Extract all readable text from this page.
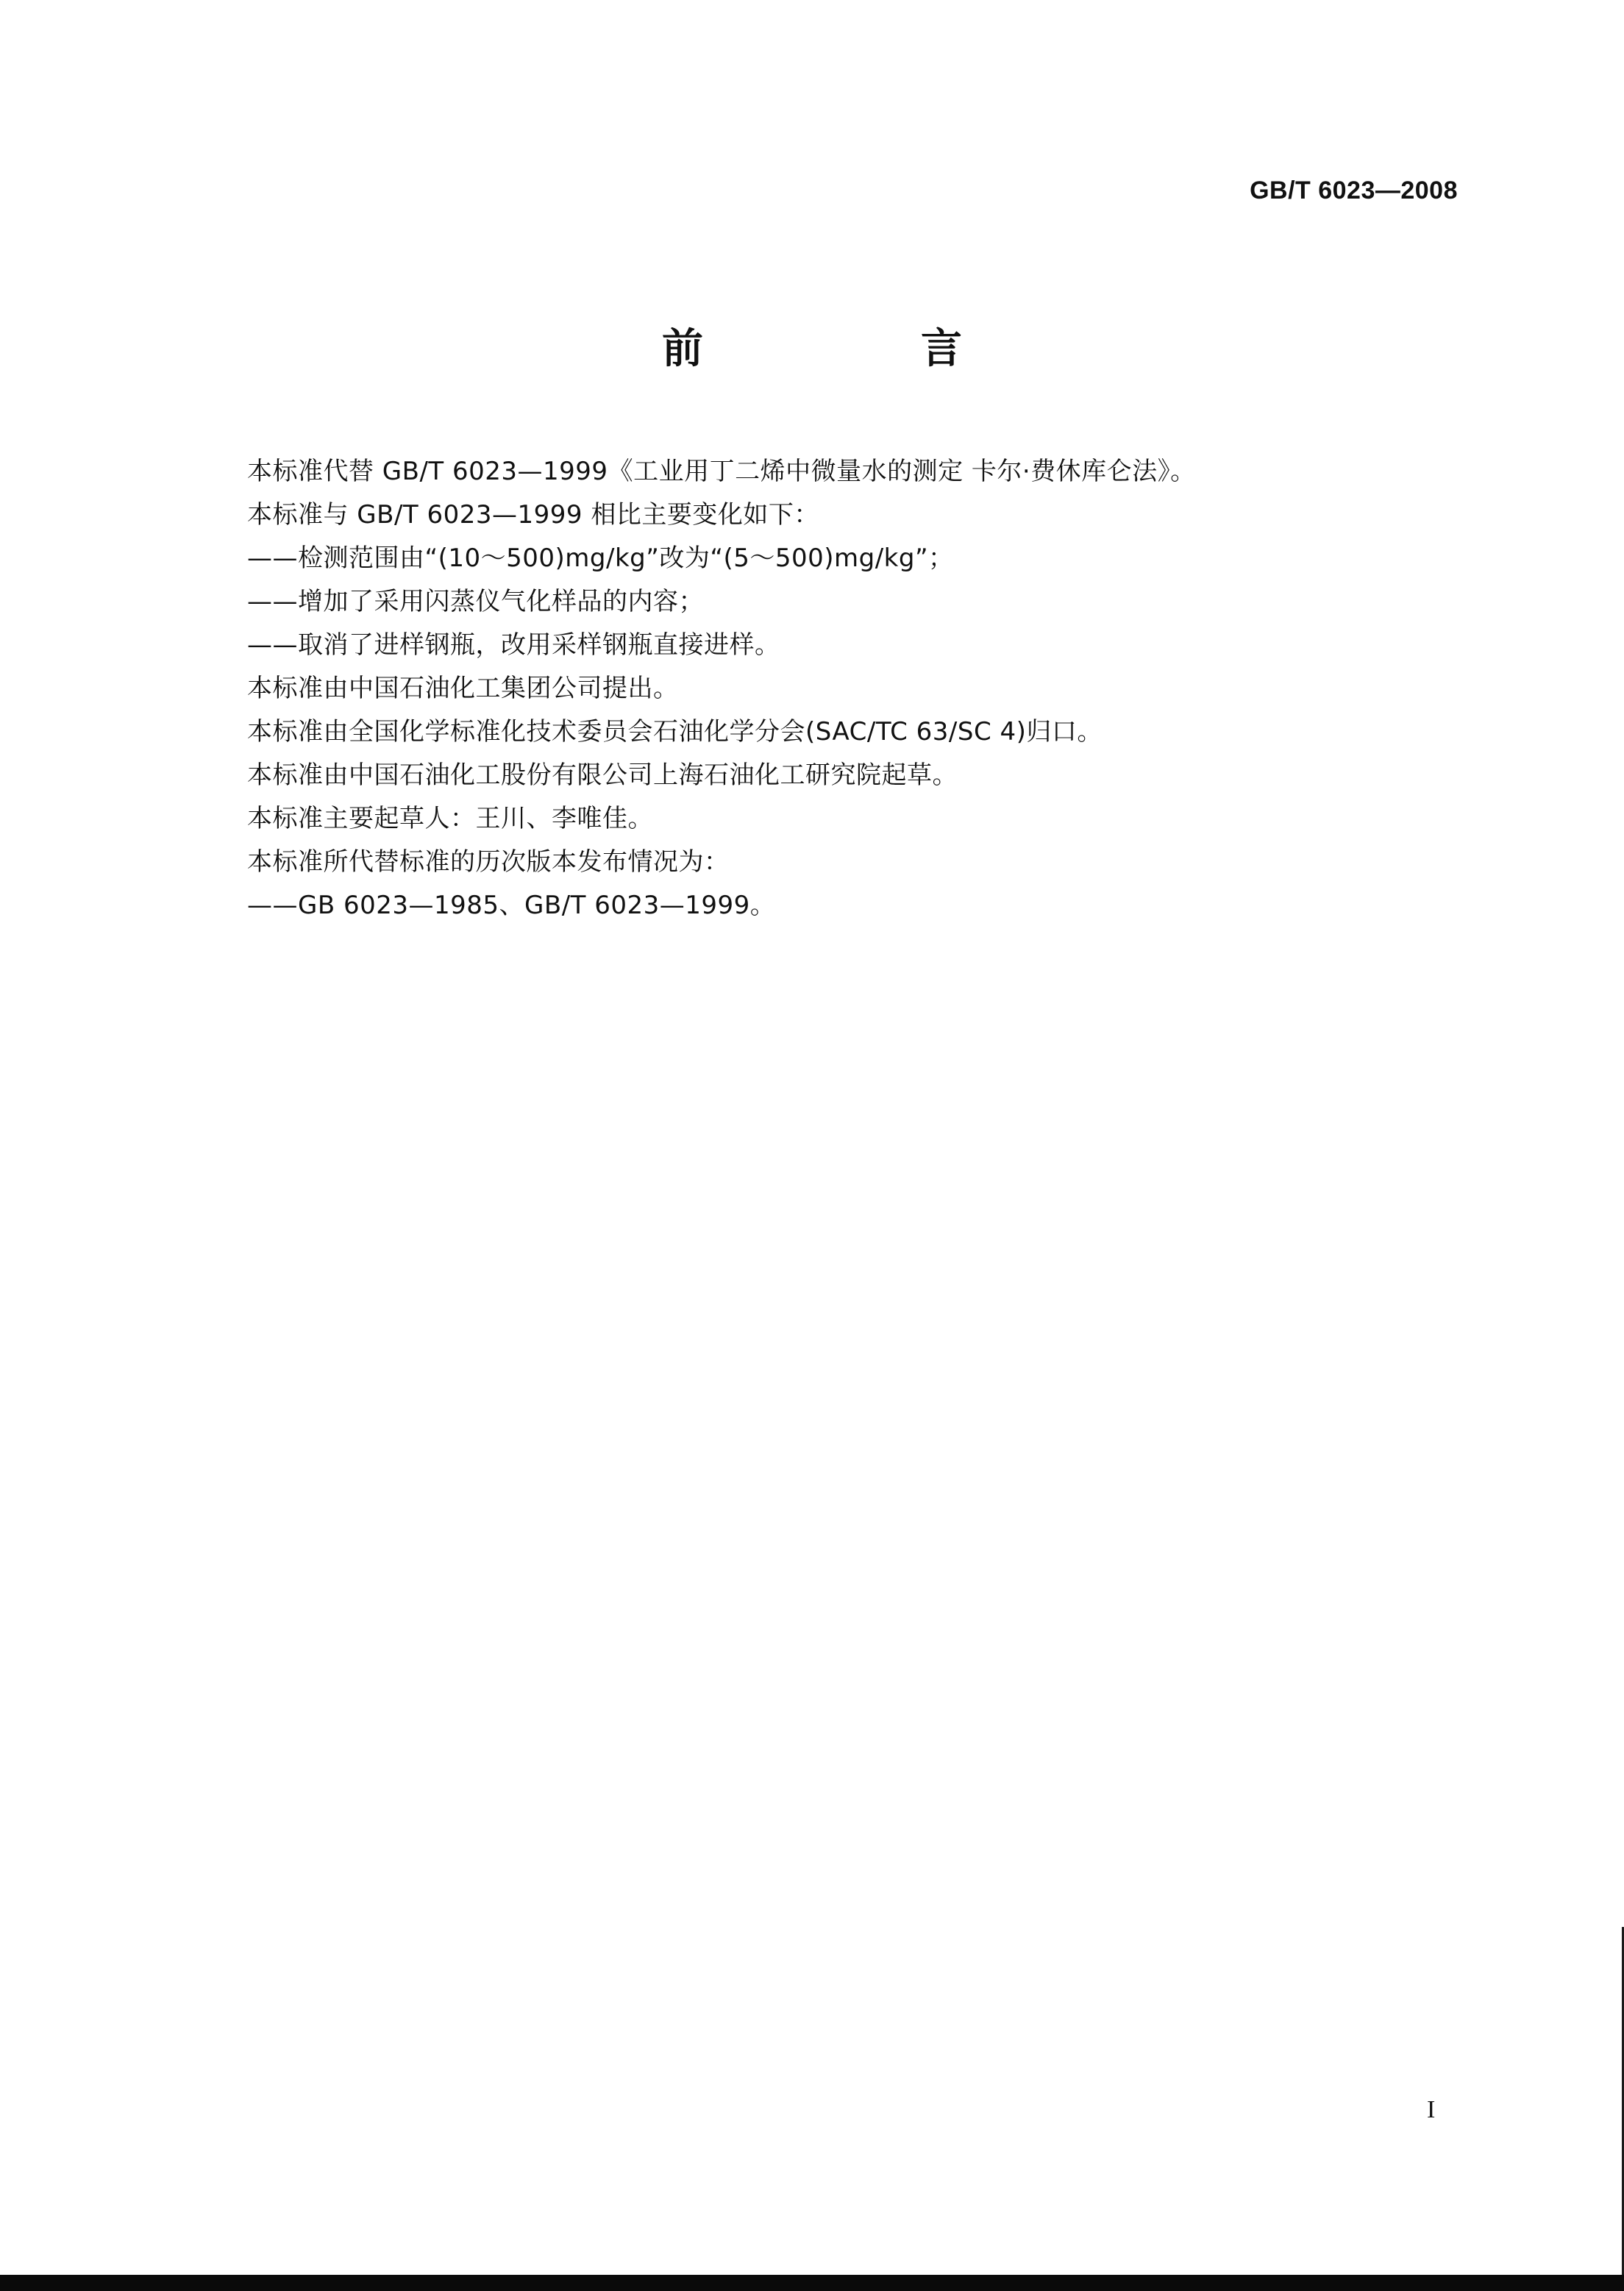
GB/T 6023—2008
前　言
本标准代替 GB/T 6023—1999《工业用丁二烯中微量水的测定 卡尔·费休库仑法》。
本标准与 GB/T 6023—1999 相比主要变化如下：
——检测范围由“(10～500)mg/kg”改为“(5～500)mg/kg”；
——增加了采用闪蒸仪气化样品的内容；
——取消了进样钢瓶，改用采样钢瓶直接进样。
本标准由中国石油化工集团公司提出。
本标准由全国化学标准化技术委员会石油化学分会(SAC/TC 63/SC 4)归口。
本标准由中国石油化工股份有限公司上海石油化工研究院起草。
本标准主要起草人：王川、李唯佳。
本标准所代替标准的历次版本发布情况为：
——GB 6023—1985、GB/T 6023—1999。
I
